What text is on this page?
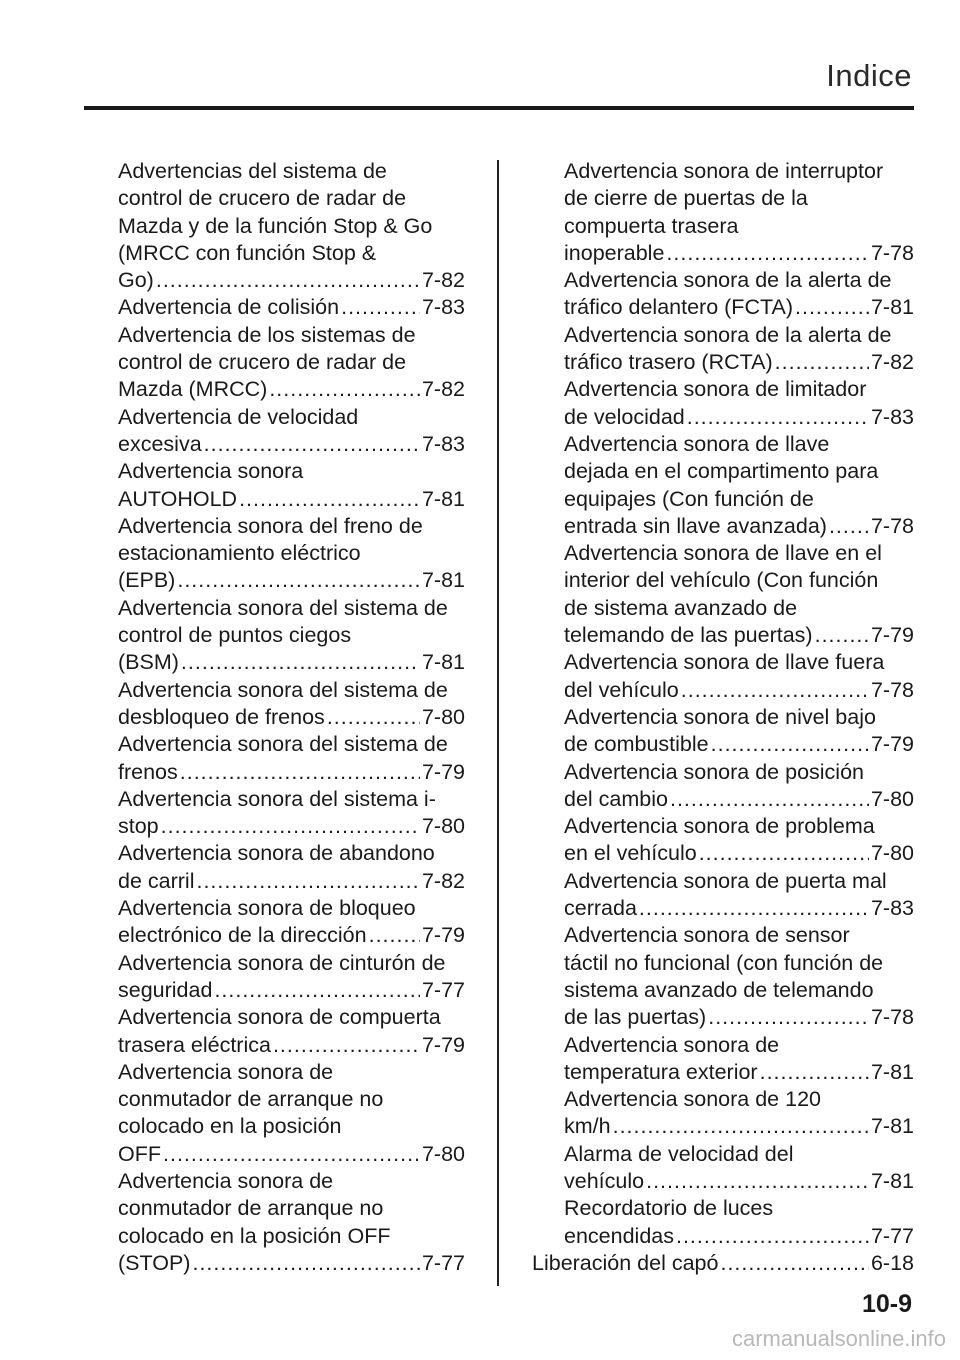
Indice
Advertencias del sistema de
control de crucero de radar de
Mazda y de la función Stop & Go
(MRCC con función Stop &
Go) .....	7-82
Advertencia de colisión .....	7-83
Advertencia de los sistemas de
control de crucero de radar de
Mazda (MRCC) .....	7-82
Advertencia de velocidad
excesiva .....	7-83
Advertencia sonora
AUTOHOLD .....	7-81
Advertencia sonora del freno de
estacionamiento eléctrico
(EPB) .....	7-81
Advertencia sonora del sistema de
control de puntos ciegos
(BSM) .....	7-81
Advertencia sonora del sistema de
desbloqueo de frenos .....	7-80
Advertencia sonora del sistema de
frenos .....	7-79
Advertencia sonora del sistema i-
stop .....	7-80
Advertencia sonora de abandono
de carril .....	7-82
Advertencia sonora de bloqueo
electrónico de la dirección .....	7-79
Advertencia sonora de cinturón de
seguridad .....	7-77
Advertencia sonora de compuerta
trasera eléctrica .....	7-79
Advertencia sonora de
conmutador de arranque no
colocado en la posición
OFF .....	7-80
Advertencia sonora de
conmutador de arranque no
colocado en la posición OFF
(STOP) .....	7-77
Advertencia sonora de interruptor
de cierre de puertas de la
compuerta trasera
inoperable .....	7-78
Advertencia sonora de la alerta de
tráfico delantero (FCTA) .....	7-81
Advertencia sonora de la alerta de
tráfico trasero (RCTA) .....	7-82
Advertencia sonora de limitador
de velocidad .....	7-83
Advertencia sonora de llave
dejada en el compartimento para
equipajes (Con función de
entrada sin llave avanzada) ..... 7-78
Advertencia sonora de llave en el
interior del vehículo (Con función
de sistema avanzado de
telemando de las puertas) .....	7-79
Advertencia sonora de llave fuera
del vehículo .....	7-78
Advertencia sonora de nivel bajo
de combustible .....	7-79
Advertencia sonora de posición
del cambio .....	7-80
Advertencia sonora de problema
en el vehículo .....	7-80
Advertencia sonora de puerta mal
cerrada .....	7-83
Advertencia sonora de sensor
táctil no funcional (con función de
sistema avanzado de telemando
de las puertas) .....	7-78
Advertencia sonora de
temperatura exterior .....	7-81
Advertencia sonora de 120
km/h .....	7-81
Alarma de velocidad del
vehículo .....	7-81
Recordatorio de luces
encendidas .....	7-77
Liberación del capó .....	6-18
10-9
carmanualsonline.info
